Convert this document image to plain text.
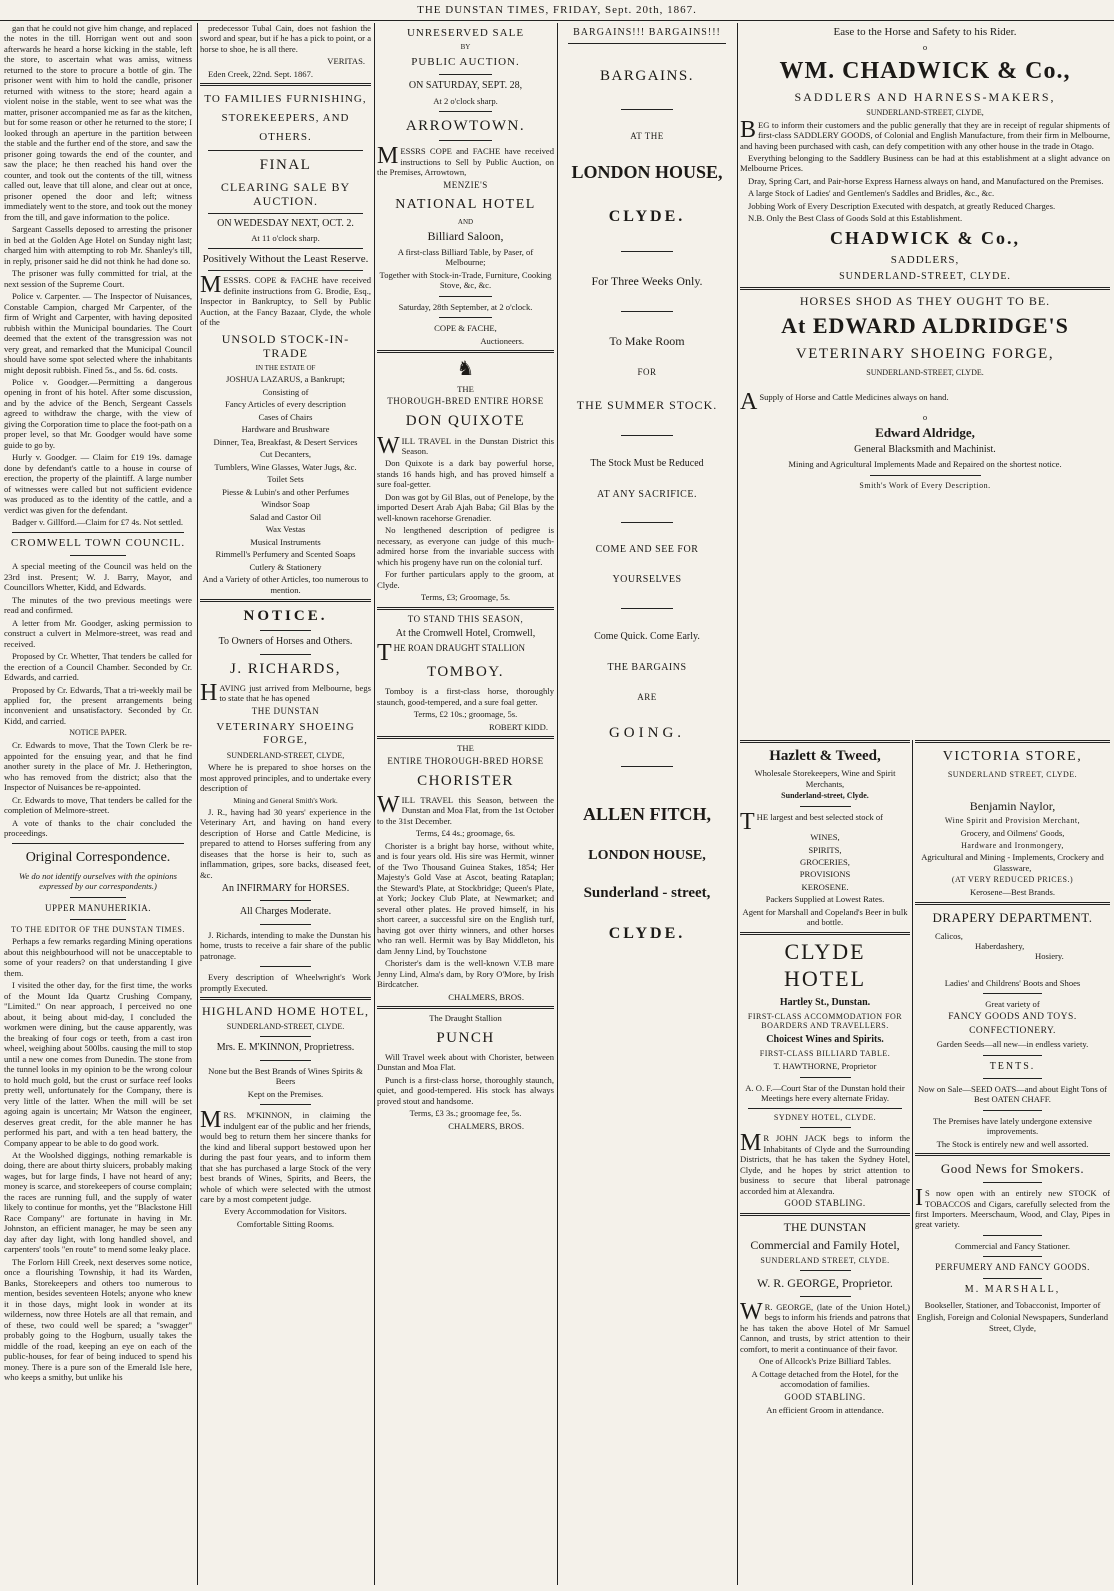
THE DUNSTAN TIMES, FRIDAY, Sept. 20th, 1867.

gan that he could not give him change, and replaced the notes in the till. Horrigan went out and soon afterwards he heard a horse kicking in the stable, left the store, to ascertain what was amiss, witness returned to the store to procure a bottle of gin. The prisoner went with him to hold the candle, prisoner returned with witness to the store; heard again a violent noise in the stable, went to see what was the matter, prisoner accompanied me as far as the kitchen, but for some reason or other he returned to the store; I looked through an aperture in the partition between the stable and the further end of the store, and saw the prisoner going towards the end of the counter, and saw the place; he then reached his hand over the counter, and took out the contents of the till, witness called out, leave that till alone, and clear out at once, prisoner opened the door and left; witness immediately went to the store, and took out the money from the till, and gave information to the police.

Sargeant Cassells deposed to arresting the prisoner in bed at the Golden Age Hotel on Sunday night last; charged him with attempting to rob Mr. Shanley's till, in reply, prisoner said he did not think he had done so.

The prisoner was fully committed for trial, at the next session of the Supreme Court.

Police v. Carpenter. — The Inspector of Nuisances, Constable Campion, charged Mr Carpenter, of the firm of Wright and Carpenter, with having deposited rubbish within the Municipal boundaries. The Court deemed that the extent of the transgression was not very great, and remarked that the Municipal Council should have some spot selected where the inhabitants might deposit rubbish. Fined 5s., and 5s. 6d. costs.

Police v. Goodger.—Permitting a dangerous opening in front of his hotel. After some discussion, and by the advice of the Bench, Sergeant Cassels agreed to withdraw the charge, with the view of giving the Corporation time to place the foot-path on a proper level, so that Mr. Goodger would have some guide to go by.

Hurly v. Goodger. — Claim for £19 19s. damage done by defendant's cattle to a house in course of erection, the property of the plaintiff. A large number of witnesses were called but not sufficient evidence was produced as to the identity of the cattle, and a verdict was given for the defendant.

Badger v. Gillford.—Claim for £7 4s. Not settled.

CROMWELL TOWN COUNCIL.

A special meeting of the Council was held on the 23rd inst. Present; W. J. Barry, Mayor, and Councillors Whetter, Kidd, and Edwards.

The minutes of the two previous meetings were read and confirmed.

A letter from Mr. Goodger, asking permission to construct a culvert in Melmore-street, was read and received.

Proposed by Cr. Whetter, That tenders be called for the erection of a Council Chamber. Seconded by Cr. Edwards, and carried.

Proposed by Cr. Edwards, That a tri-weekly mail be applied for, the present arrangements being inconvenient and unsatisfactory. Seconded by Cr. Kidd, and carried.

NOTICE PAPER.

Cr. Edwards to move, That the Town Clerk be re-appointed for the ensuing year, and that he find another surety in the place of Mr. J. Hetherington, who has removed from the district; also that the Inspector of Nuisances be re-appointed.

Cr. Edwards to move, That tenders be called for the completion of Melmore-street.

A vote of thanks to the chair concluded the proceedings.

Original Correspondence.
We do not identify ourselves with the opinions expressed by our correspondents.)
UPPER MANUHERIKIA.
TO THE EDITOR OF THE DUNSTAN TIMES.

Perhaps a few remarks regarding Mining operations about this neighbourhood will not be unacceptable to some of your readers? on that understanding I give them.

I visited the other day, for the first time, the works of the Mount Ida Quartz Crushing Company, "Limited." On near approach, I perceived no one about, it being about mid-day, I concluded the workmen were dining, but the cause apparently, was the breaking of four cogs or teeth, from a cast iron wheel, weighing about 500lbs. causing the mill to stop until a new one comes from Dunedin. The stone from the tunnel looks in my opinion to be the wrong colour to hold much gold, but the crust or surface reef looks pretty well, unfortunately for the Company, there is very little of the latter. When the mill will be set agoing again is uncertain; Mr Watson the engineer, deserves great credit, for the able manner he has performed his part, and with a ten head battery, the Company appear to be able to do good work.

At the Woolshed diggings, nothing remarkable is doing, there are about thirty sluicers, probably making wages, but for large finds, I have not heard of any; money is scarce, and storekeepers of course complain; the races are running full, and the supply of water likely to continue for months, yet the "Blackstone Hill Race Company" are fortunate in having in Mr. Johnston, an efficient manager, he may be seen any day after day light, with long handled shovel, and carpenters' tools "en route" to mend some leaky place.

The Forlorn Hill Creek, next deserves some notice, once a flourishing Township, it had its Warden, Banks, Storekeepers and others too numerous to mention, besides seventeen Hotels; anyone who knew it in those days, might look in wonder at its wilderness, now three Hotels are all that remain, and of these, two could well be spared; a "swagger" probably going to the Hogburn, usually takes the middle of the road, keeping an eye on each of the public-houses, for fear of being induced to spend his money. There is a pure son of the Emerald Isle here, who keeps a smithy, but unlike his

predecessor Tubal Cain, does not fashion the sword and spear, but if he has a pick to point, or a horse to shoe, he is all there.

VERITAS.
Eden Creek, 22nd. Sept. 1867.
TO FAMILIES FURNISHING, STOREKEEPERS, AND OTHERS.
FINAL
CLEARING SALE BY AUCTION.
ON WEDESDAY NEXT, OCT. 2.
At 11 o'clock sharp.
Positively Without the Least Reserve.

MESSRS. COPE & FACHE have received definite instructions from G. Brodie, Esq., Inspector in Bankruptcy, to Sell by Public Auction, at the Fancy Bazaar, Clyde, the whole of the

UNSOLD STOCK-IN-TRADE
IN THE ESTATE OF
JOSHUA LAZARUS, a Bankrupt;
Consisting of
Fancy Articles of every description
Cases of Chairs
Hardware and Brushware
Dinner, Tea, Breakfast, & Desert Services
Cut Decanters,
Tumblers, Wine Glasses, Water Jugs, &c.
Toilet Sets
Piesse & Lubin's and other Perfumes
Windsor Soap
Salad and Castor Oil
Wax Vestas
Musical Instruments
Rimmell's Perfumery and Scented Soaps
Cutlery & Stationery
And a Variety of other Articles, too numerous to mention.
NOTICE.
To Owners of Horses and Others.
J. RICHARDS,

HAVING just arrived from Melbourne, begs to state that he has opened

THE DUNSTAN
VETERINARY SHOEING FORGE,
SUNDERLAND-STREET, CLYDE,

Where he is prepared to shoe horses on the most approved principles, and to undertake every description of

Mining and General Smith's Work.

J. R., having had 30 years' experience in the Veterinary Art, and having on hand every description of Horse and Cattle Medicine, is prepared to attend to Horses suffering from any diseases that the horse is heir to, such as inflammation, gripes, sore backs, diseased feet, &c.

An INFIRMARY for HORSES.
All Charges Moderate.

J. Richards, intending to make the Dunstan his home, trusts to receive a fair share of the public patronage.

Every description of Wheelwright's Work promptly Executed.

HIGHLAND HOME HOTEL,
SUNDERLAND-STREET, CLYDE.
Mrs. E. M'KINNON, Proprietress.
None but the Best Brands of Wines Spirits & Beers
Kept on the Premises.

MRS. M'KINNON, in claiming the indulgent ear of the public and her friends, would beg to return them her sincere thanks for the kind and liberal support bestowed upon her during the past four years, and to inform them that she has purchased a large Stock of the very best brands of Wines, Spirits, and Beers, the whole of which were selected with the utmost care by a most competent judge.

Every Accommodation for Visitors.
Comfortable Sitting Rooms.
UNRESERVED SALE
BY
PUBLIC AUCTION.
ON SATURDAY, SEPT. 28,
At 2 o'clock sharp.
ARROWTOWN.

MESSRS COPE and FACHE have received instructions to Sell by Public Auction, on the Premises, Arrowtown,

MENZIE'S
NATIONAL HOTEL
AND
Billiard Saloon,
A first-class Billiard Table, by Paser, of Melbourne;
Together with Stock-in-Trade, Furniture, Cooking Stove, &c, &c.
Saturday, 28th September, at 2 o'clock.
COPE & FACHE,
Auctioneers.
♞
THE
THOROUGH-BRED ENTIRE HORSE
DON QUIXOTE

WILL TRAVEL in the Dunstan District this Season.

Don Quixote is a dark bay powerful horse, stands 16 hands high, and has proved himself a sure foal-getter.

Don was got by Gil Blas, out of Penelope, by the imported Desert Arab Ajah Baba; Gil Blas by the well-known racehorse Grenadier.

No lengthened description of pedigree is necessary, as everyone can judge of this much-admired horse from the invariable success with which his progeny have run on the colonial turf.

For further particulars apply to the groom, at Clyde.

Terms, £3; Groomage, 5s.
TO STAND THIS SEASON,
At the Cromwell Hotel, Cromwell,

THE ROAN DRAUGHT STALLION

TOMBOY.

Tomboy is a first-class horse, thoroughly staunch, good-tempered, and a sure foal getter.

Terms, £2 10s.; groomage, 5s.
ROBERT KIDD.
THE
ENTIRE THOROUGH-BRED HORSE
CHORISTER

WILL TRAVEL this Season, between the Dunstan and Moa Flat, from the 1st October to the 31st December.

Terms, £4 4s.; groomage, 6s.

Chorister is a bright bay horse, without white, and is four years old. His sire was Hermit, winner of the Two Thousand Guinea Stakes, 1854; Her Majesty's Gold Vase at Ascot, beating Rataplan; the Steward's Plate, at Stockbridge; Queen's Plate, at York; Jockey Club Plate, at Newmarket; and several other plates. He proved himself, in his short career, a successful sire on the English turf, having got over thirty winners, and other horses who ran well. Hermit was by Bay Middleton, his dam Jenny Lind, by Touchstone

Chorister's dam is the well-known V.T.B mare Jenny Lind, Alma's dam, by Rory O'More, by Irish Birdcatcher.

CHALMERS, BROS.
The Draught Stallion
PUNCH

Will Travel week about with Chorister, between Dunstan and Moa Flat.

Punch is a first-class horse, thoroughly staunch, quiet, and good-tempered. His stock has always proved stout and handsome.

Terms, £3 3s.; groomage fee, 5s.
CHALMERS, BROS.
BARGAINS!!! BARGAINS!!!
BARGAINS.
AT THE
LONDON HOUSE,
CLYDE.
For Three Weeks Only.
To Make Room
FOR
THE SUMMER STOCK.
The Stock Must be Reduced
AT ANY SACRIFICE.
COME AND SEE FOR
YOURSELVES
Come Quick. Come Early.
THE BARGAINS
ARE
GOING.
ALLEN FITCH,
LONDON HOUSE,
Sunderland - street,
CLYDE.
Ease to the Horse and Safety to his Rider.
o
WM. CHADWICK & Co.,
SADDLERS AND HARNESS-MAKERS,
SUNDERLAND-STREET, CLYDE,

BEG to inform their customers and the public generally that they are in receipt of regular shipments of first-class SADDLERY GOODS, of Colonial and English Manufacture, from their firm in Melbourne, and having been purchased with cash, can defy competition with any other house in the trade in Otago.

Everything belonging to the Saddlery Business can be had at this establishment at a slight advance on Melbourne Prices.

Dray, Spring Cart, and Pair-horse Express Harness always on hand, and Manufactured on the Premises.

A large Stock of Ladies' and Gentlemen's Saddles and Bridles, &c., &c.

Jobbing Work of Every Description Executed with despatch, at greatly Reduced Charges.

N.B. Only the Best Class of Goods Sold at this Establishment.

CHADWICK & Co.,
SADDLERS,
SUNDERLAND-STREET, CLYDE.
HORSES SHOD AS THEY OUGHT TO BE.
At EDWARD ALDRIDGE'S
VETERINARY SHOEING FORGE,
SUNDERLAND-STREET, CLYDE.

A Supply of Horse and Cattle Medicines always on hand.

o
Edward Aldridge,
General Blacksmith and Machinist.
Mining and Agricultural Implements Made and Repaired on the shortest notice.
Smith's Work of Every Description.
Hazlett & Tweed,
Wholesale Storekeepers, Wine and Spirit Merchants,
Sunderland-street, Clyde.

THE largest and best selected stock of

WINES,
SPIRITS,
GROCERIES,
PROVISIONS
KEROSENE.
Packers Supplied at Lowest Rates.
Agent for Marshall and Copeland's Beer in bulk and bottle.
CLYDE HOTEL
Hartley St., Dunstan.
FIRST-CLASS ACCOMMODATION FOR BOARDERS AND TRAVELLERS.
Choicest Wines and Spirits.
FIRST-CLASS BILLIARD TABLE.
T. HAWTHORNE, Proprietor
A. O. F.—Court Star of the Dunstan hold their Meetings here every alternate Friday.
SYDNEY HOTEL, CLYDE.

M R JOHN JACK begs to inform the Inhabitants of Clyde and the Surrounding Districts, that he has taken the Sydney Hotel, Clyde, and he hopes by strict attention to business to secure that liberal patronage accorded him at Alexandra.

GOOD STABLING.
THE DUNSTAN
Commercial and Family Hotel,
SUNDERLAND STREET, CLYDE.
W. R. GEORGE, Proprietor.

W R. GEORGE, (late of the Union Hotel,) begs to inform his friends and patrons that he has taken the above Hotel of Mr Samuel Cannon, and trusts, by strict attention to their comfort, to merit a continuance of their favor.

One of Allcock's Prize Billiard Tables.
A Cottage detached from the Hotel, for the accomodation of families.
GOOD STABLING.
An efficient Groom in attendance.
VICTORIA STORE,
SUNDERLAND STREET, CLYDE.
Benjamin Naylor,
Wine Spirit and Provision Merchant,
Grocery, and Oilmens' Goods,
Hardware and Ironmongery,
Agricultural and Mining - Implements, Crockery and Glassware,
(AT VERY REDUCED PRICES.)
Kerosene—Best Brands.
DRAPERY DEPARTMENT.
Calicos,
Haberdashery,
Hosiery.
Ladies' and Childrens' Boots and Shoes
Great variety of
FANCY GOODS AND TOYS.
CONFECTIONERY.
Garden Seeds—all new—in endless variety.
TENTS.
Now on Sale—SEED OATS—and about Eight Tons of Best OATEN CHAFF.
The Premises have lately undergone extensive improvements.
The Stock is entirely new and well assorted.
Good News for Smokers.

I S now open with an entirely new STOCK of TOBACCOS and Cigars, carefully selected from the first Importers. Meerschaum, Wood, and Clay, Pipes in great variety.

Commercial and Fancy Stationer.
PERFUMERY AND FANCY GOODS.
M. MARSHALL,
Bookseller, Stationer, and Tobacconist, Importer of
English, Foreign and Colonial Newspapers, Sunderland Street, Clyde,
